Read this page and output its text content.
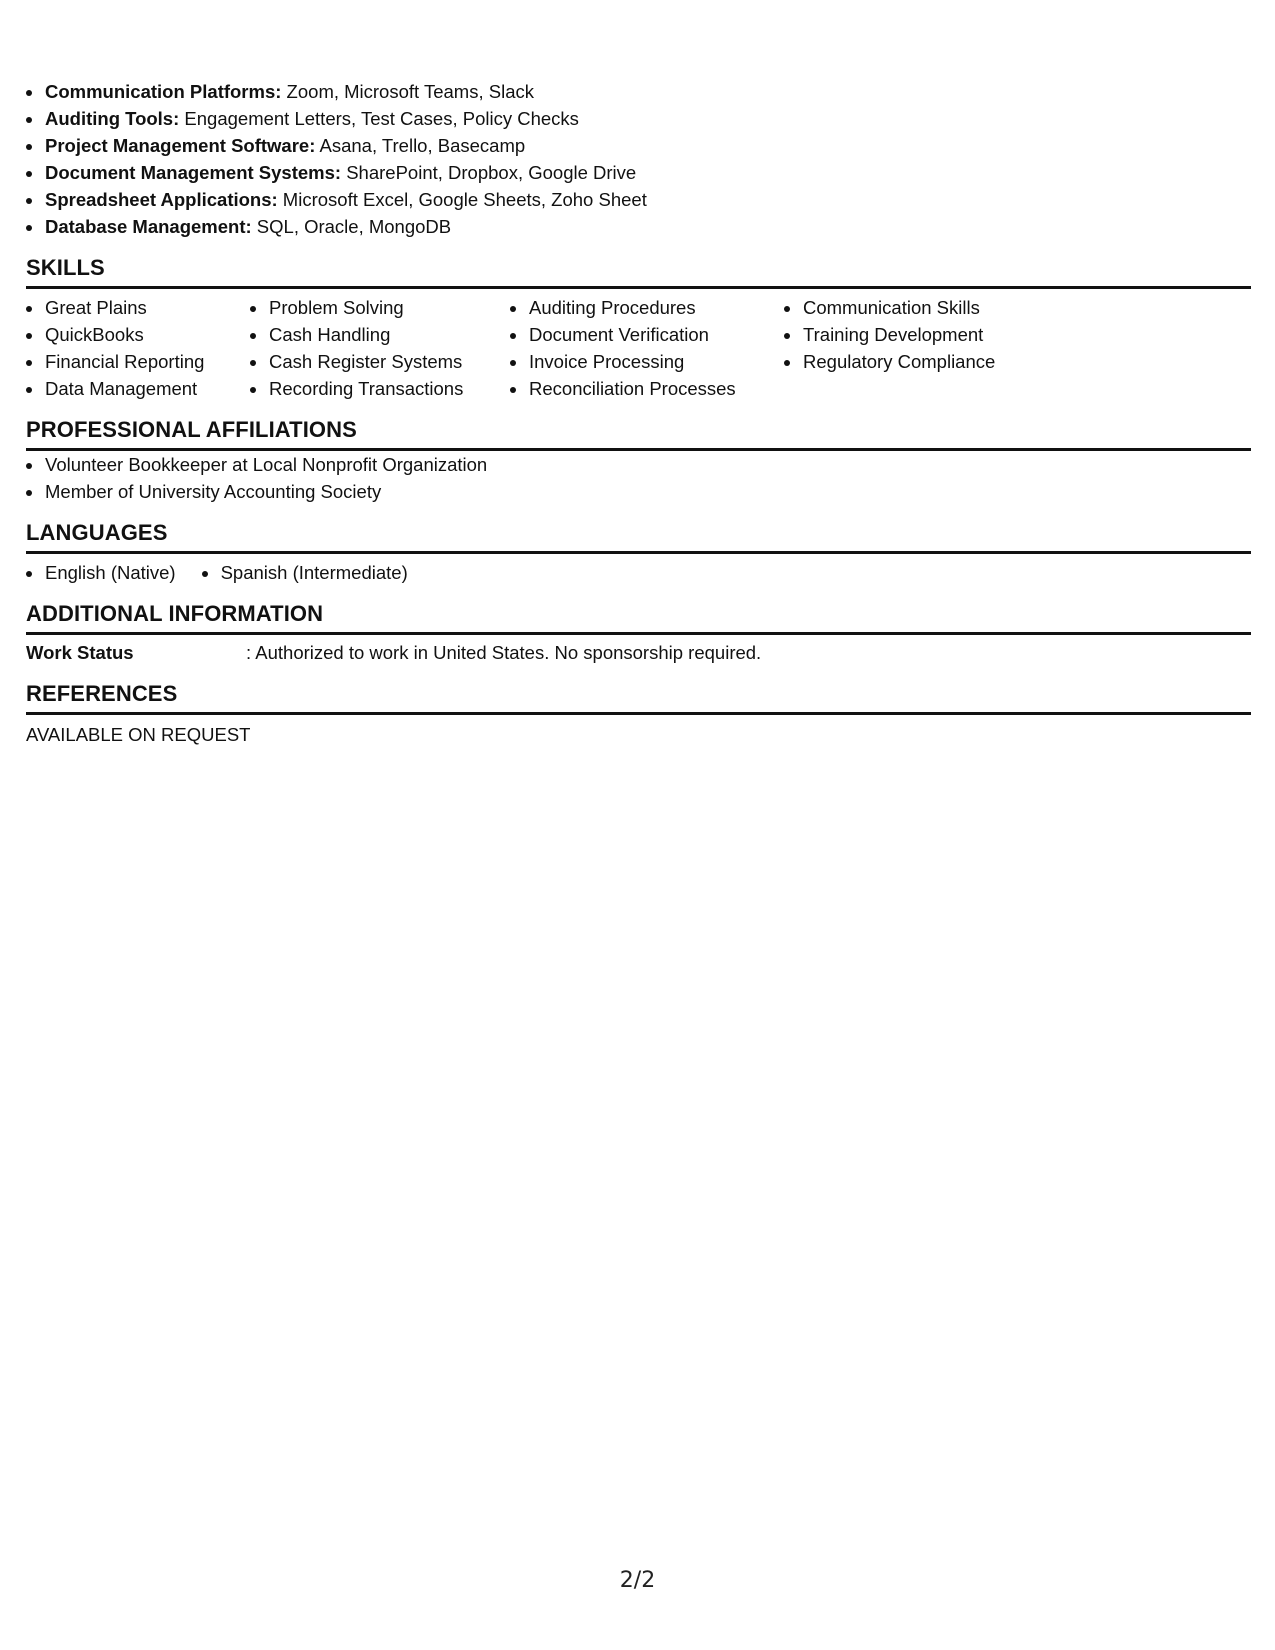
• Communication Platforms: Zoom, Microsoft Teams, Slack
• Auditing Tools: Engagement Letters, Test Cases, Policy Checks
• Project Management Software: Asana, Trello, Basecamp
• Document Management Systems: SharePoint, Dropbox, Google Drive
• Spreadsheet Applications: Microsoft Excel, Google Sheets, Zoho Sheet
• Database Management: SQL, Oracle, MongoDB
SKILLS
• Great Plains
• QuickBooks
• Financial Reporting
• Data Management
• Problem Solving
• Cash Handling
• Cash Register Systems
• Recording Transactions
• Auditing Procedures
• Document Verification
• Invoice Processing
• Reconciliation Processes
• Communication Skills
• Training Development
• Regulatory Compliance
PROFESSIONAL AFFILIATIONS
• Volunteer Bookkeeper at Local Nonprofit Organization
• Member of University Accounting Society
LANGUAGES
• English (Native)
• Spanish (Intermediate)
ADDITIONAL INFORMATION
Work Status	: Authorized to work in United States. No sponsorship required.
REFERENCES
AVAILABLE ON REQUEST
2/2
